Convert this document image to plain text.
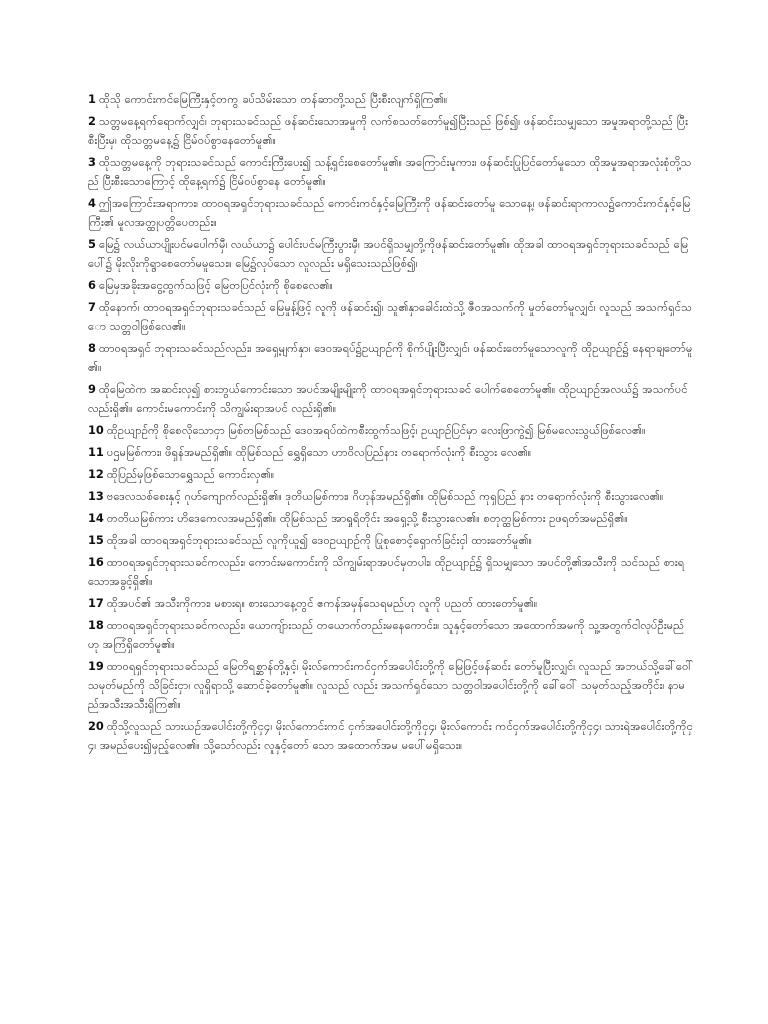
1 ထိုသို ကောင်းကင်မြေကြီးနှင့်တကွ ခပ်သိမ်းသော တန်ဆာတို့သည် ပြီးစီးလျက်ရှိကြ၏။

2 သတ္တမနေ့ရက်ရောက်လျှင်၊ ဘုရားသခင်သည် ဖန်ဆင်းသောအမှုကို လက်စသတ်တော်မူ၍ပြီးသည် ဖြစ်၍၊ ဖန်ဆင်းသမျှသော အမှုအရာတို့သည် ပြီးစီးပြီးမှ၊ ထိုသတ္တမနေ့၌ ငြိမ်ဝပ်စွာနေတော်မူ၏။

3 ထိုသတ္တမနေ့ကို ဘုရားသခင်သည် ကောင်းကြီးပေး၍ သန့်ရှင်းစေတော်မူ၏။ အကြောင်းမူကား၊ ဖန်ဆင်းပြုပြင်တော်မူသော ထိုအမှုအရာအလုံးစုံတို့သည် ပြီးစီးသောကြောင့် ထိုနေ့ရက်၌ ငြိမ်ဝပ်စွာနေ တော်မူ၏။

4 ဤအကြောင်းအရာကား၊ ထာဝရအရှင်ဘုရားသခင်သည် ကောင်းကင်နှင့်မြေကြီးကို ဖန်ဆင်းတော်မူ သောနေ့၊ ဖန်ဆင်းရာကာလ၌ကောင်းကင်နှင့်မြေကြီး၏ မူလအတ္ထုပတ္တိပေတည်း။

5 မြေ၌ လယ်ယာပျိုးပင်မပေါက်မှီ၊ လယ်ယာ၌ ပေါင်းပင်မကြီးပွားမှီ၊ အပင်ရှိသမျှတို့ကိုဖန်ဆင်းတော်မူ၏။ ထိုအခါ ထာဝရအရှင်ဘုရားသခင်သည် မြေပေါ်၌ မိုးလိုးကိုရွာစေတော်မမူသေး။ မြေ၌လုပ်သော လူလည်း မရှိသေးသည်ဖြစ်၍၊

6 မြေမှအခိုးအငွေ့ထွက်သဖြင့် မြေတပြင်လုံးကို စိုစေလေ၏။

7 ထိုနောက်၊ ထာဝရအရှင်ဘုရားသခင်သည် မြေမှုန့်ဖြင့် လူကို ဖန်ဆင်း၍၊ သူ၏နှာခေါင်းထဲသို့ ဇီဝအသက်ကို မှုတ်တော်မူလျှင်၊ လူသည် အသက်ရှင်သော သတ္တဝါဖြစ်လေ၏။

8 ထာဝရအရှင် ဘုရားသခင်သည်လည်း၊ အရှေ့မျက်နှာ၊ ဒေဝအရပ်၌ဥယျာဉ်ကို စိုက်ပျိုးပြီးလျှင်၊ ဖန်ဆင်းတော်မူသောလူကို ထိုဥယျာဉ်၌ နေရာချတော်မူ၏။

9 ထိုမြေထဲက အဆင်းလှ၍ စားဘွယ်ကောင်းသော အပင်အမျိုးမျိုးကို ထာဝရအရှင်ဘုရားသခင် ပေါက်စေတော်မူ၏။ ထိုဥယျာဉ်အလယ်၌ အသက်ပင်လည်းရှိ၏။ ကောင်းမကောင်းကို သိကျွမ်းရာအပင် လည်းရှိ၏။

10 ထိုဥယျာဉ်ကို စိုစေလိုသောငှာ မြစ်တမြစ်သည် ဒေဝအရပ်ထဲကစီးထွက်သဖြင့်၊ ဥယျာဉ်ပြင်မှာ လေးဖြာကွဲ၍ မြစ်မလေးသွယ်ဖြစ်လေ၏။

11 ပဌမမြစ်ကား၊ ဖိရှန်အမည်ရှိ၏။ ထိုမြစ်သည် ရွှေရှိသော ဟာဝိလပြည်နား တရောက်လုံးကို စီးသွား လေ၏။

12 ထိုပြည်မှဖြစ်သောရွှေသည် ကောင်းလှ၏။

13 ဗဒေလသစ်စေးနှင့် ဂုဟ်ကျောက်လည်းရှိ၏။ ဒုတိယမြစ်ကား၊ ဂိဟုန်အမည်ရှိ၏။ ထိုမြစ်သည် ကုရှပြည် နား တရောက်လုံးကို စီးသွားလေ၏။

14 တတိယမြစ်ကား ဟိဒေကေလအမည်ရှိ၏။ ထိုမြစ်သည် အာရှုရိတိုင်း အရှေ့သို့ စီးသွားလေ၏။ စတုတ္ထမြစ်ကား ဥဖရတ်အမည်ရှိ၏။

15 ထိုအခါ ထာဝရအရှင်ဘုရားသခင်သည် လူကိုယူ၍ ဒေဝဥယျာဉ်ကို ပြုစုစောင့်ရှောက်ခြင်းငှါ ထားတော်မူ၏။

16 ထာဝရအရှင်ဘုရားသခင်ကလည်း၊ ကောင်းမကောင်းကို သိကျွမ်းရာအပင်မှတပါး၊ ထိုဥယျာဉ်၌ ရှိသမျှသော အပင်တို့၏အသီးကို သင်သည် စားရသောအခွင့်ရှိ၏။

17 ထိုအပင်၏ အသီးကိုကား၊ မစားရ။ စားသောနေ့တွင် ဧကန်အမှန်သေရမည်ဟု လူကို ပညတ် ထားတော်မူ၏။

18 ထာဝရအရှင်ဘုရားသခင်ကလည်း၊ ယောကျ်ားသည် တယောက်တည်းမနေကောင်း။ သူနှင့်တော်သော အထောက်အမကို သူ့အတွက်ငါလုပ်ဦးမည်ဟု အကြံရှိတော်မူ၏။

19 ထာဝရရှင်ဘုရားသခင်သည် မြေတိရစ္ဆာန်တို့နှင့်၊ မိုးလ်ကောင်းကင်ငှက်အပေါင်းတို့ကို မြေဖြင့်ဖန်ဆင်း တော်မူပြီးလျှင်၊ လူသည် အဘယ်သို့ခေါ်ဝေါ်သမုတ်မည်ကို သိခြင်းငှာ၊ လူရှိရာသို့ ဆောင်ခဲ့တော်မူ၏။ လူသည် လည်း အသက်ရှင်သော သတ္တဝါအပေါင်းတို့ကို ခေါ်ဝေါ် သမုတ်သည့်အတိုင်း၊ နာမည်အသီးအသီးရှိကြ၏။

20 ထိုသို့လူသည် သားယဉ်အပေါင်းတို့ကိုငှ၄၊ မိုးလ်ကောင်းကင် ငှက်အပေါင်းတို့ကိုငှ၄၊ မိုးလ်ကောင်း ကင်ငှက်အပေါင်းတို့ကိုငှ၄၊ သားရဲအပေါင်းတို့ကိုငှ၄၊ အမည်ပေး၍မှည့်လေ၏။ သို့သော်လည်း လူနှင့်တော် သော အထောက်အမ မပေါ်မရှိသေး။
